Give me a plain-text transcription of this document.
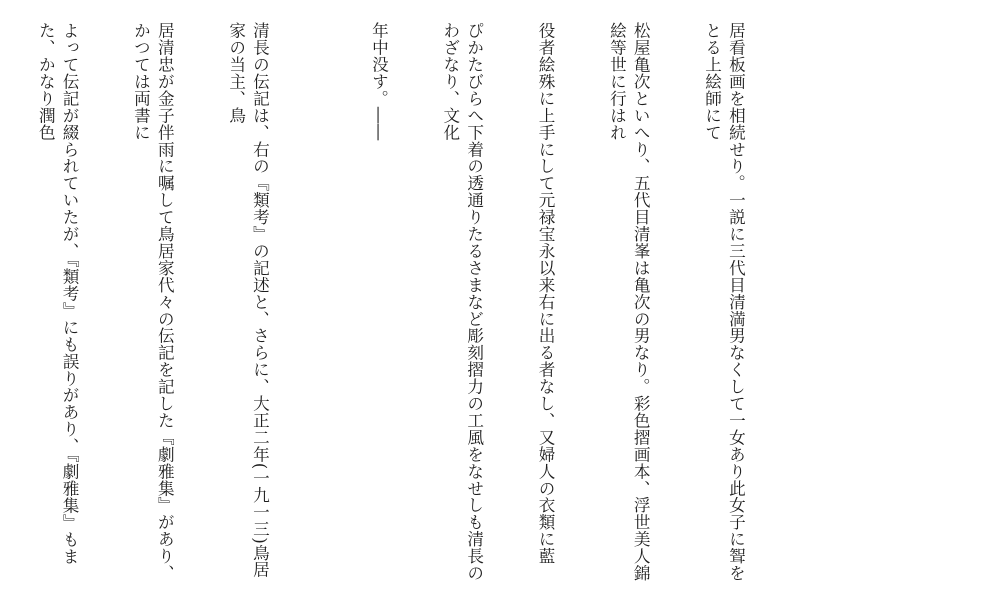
居看板画を相続せり。一説に三代目清満男なくして一女あり此女子に聟をとる上絵師にて

松屋亀次といへり、五代目清峯は亀次の男なり。彩色摺画本、浮世美人錦絵等世に行はれ

役者絵殊に上手にして元禄宝永以来右に出る者なし、又婦人の衣類に藍

ぴかたびらへ下着の透通りたるさまなど彫刻摺力の工風をなせしも清長のわざなり、文化

年中没す。――

清長の伝記は、右の『類考』の記述と、さらに、大正二年(一九一三)鳥居家の当主、鳥

居清忠が金子伴雨に嘱して鳥居家代々の伝記を記した『劇雅集』があり、かつては両書に

よって伝記が綴られていたが、『類考』にも誤りがあり、『劇雅集』もまた、かなり潤色
